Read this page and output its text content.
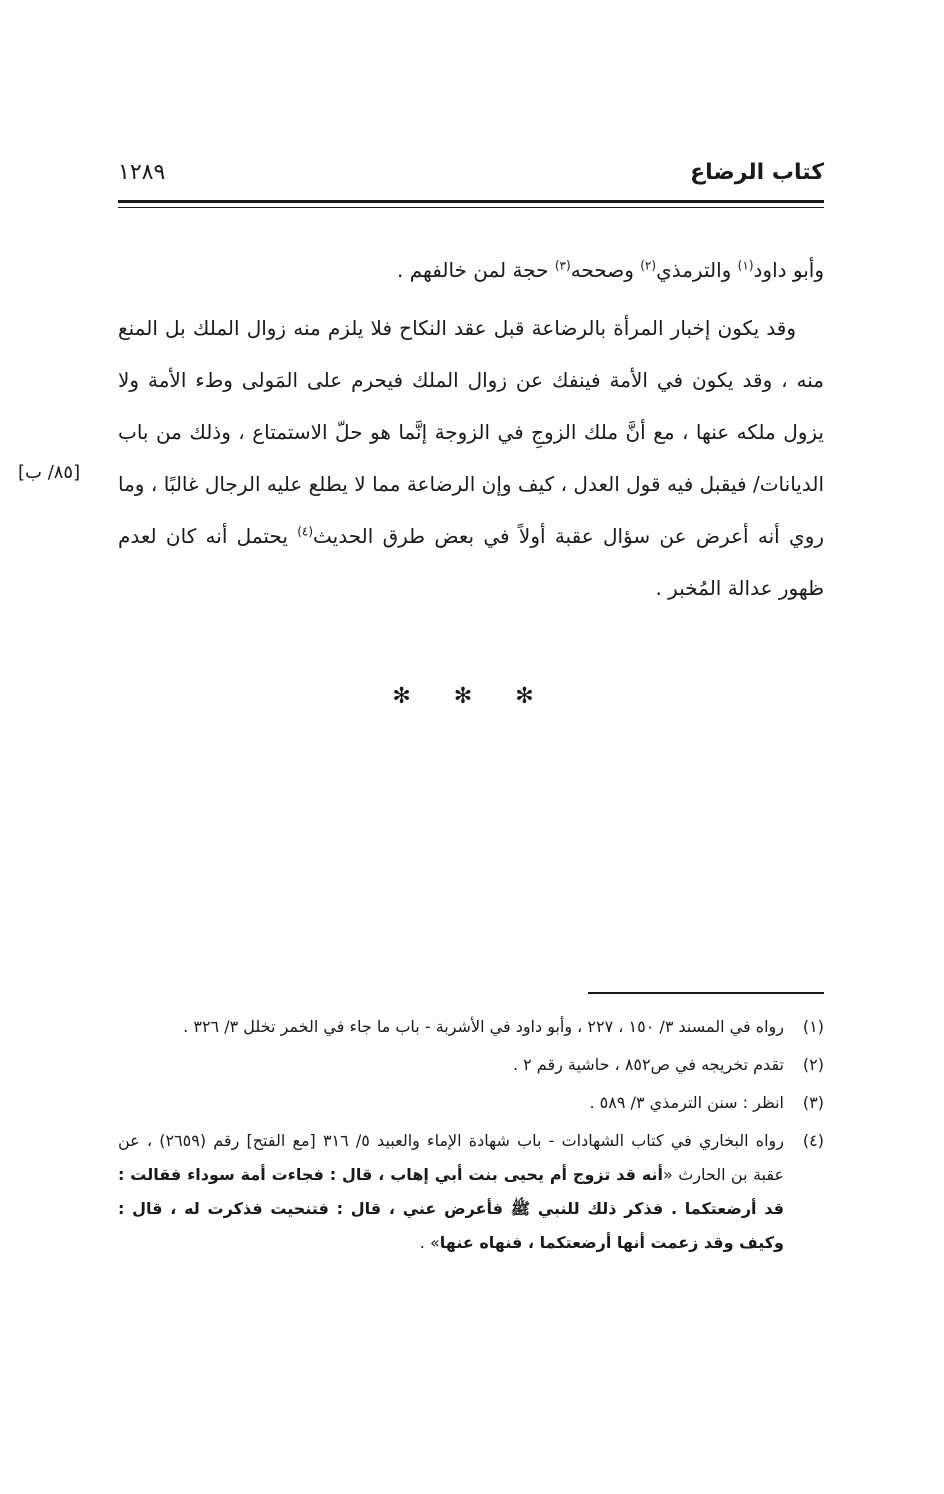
كتاب الرضاع
١٢٨٩

وأبو داود$^{(١)}$ والترمذي$^{(٢)}$ وصححه$^{(٣)}$ حجة لمن خالفهم .

وقد يكون إخبار المرأة بالرضاعة قبل عقد النكاح فلا يلزم منه زوال الملك بل المنع منه ، وقد يكون في الأمة فينفك عن زوال الملك فيحرم على المَولى وطء الأمة ولا يزول ملكه عنها ، مع أنَّ ملك الزوجِ في الزوجة إنَّما هو حلّ الاستمتاع ، وذلك من باب الديانات/ فيقبل فيه قول العدل ، كيف وإن الرضاعة مما لا يطلع عليه الرجال غالبًا ، وما روي أنه أعرض عن سؤال عقبة أولاً في بعض طرق الحديث$^{(٤)}$ يحتمل أنه كان لعدم ظهور عدالة المُخبر .

[٨٥/ ب]
✻ ✻ ✻
(١)
رواه في المسند ٣/ ١٥٠ ، ٢٢٧ ، وأبو داود في الأشربة - باب ما جاء في الخمر تخلل ٣/ ٣٢٦ .
(٢)
تقدم تخريجه في ص٨٥٢ ، حاشية رقم ٢ .
(٣)
انظر : سنن الترمذي ٣/ ٥٨٩ .
(٤)
رواه البخاري في كتاب الشهادات - باب شهادة الإماء والعبيد ٥/ ٣١٦ [مع الفتح] رقم (٢٦٥٩) ، عن عقبة بن الحارث «أنه قد تزوج أم يحيى بنت أبي إهاب ، قال : فجاءت أمة سوداء فقالت : قد أرضعتكما . فذكر ذلك للنبي ﷺ فأعرض عني ، قال : فتنحيت فذكرت له ، قال : وكيف وقد زعمت أنها أرضعتكما ، فنهاه عنها» .
